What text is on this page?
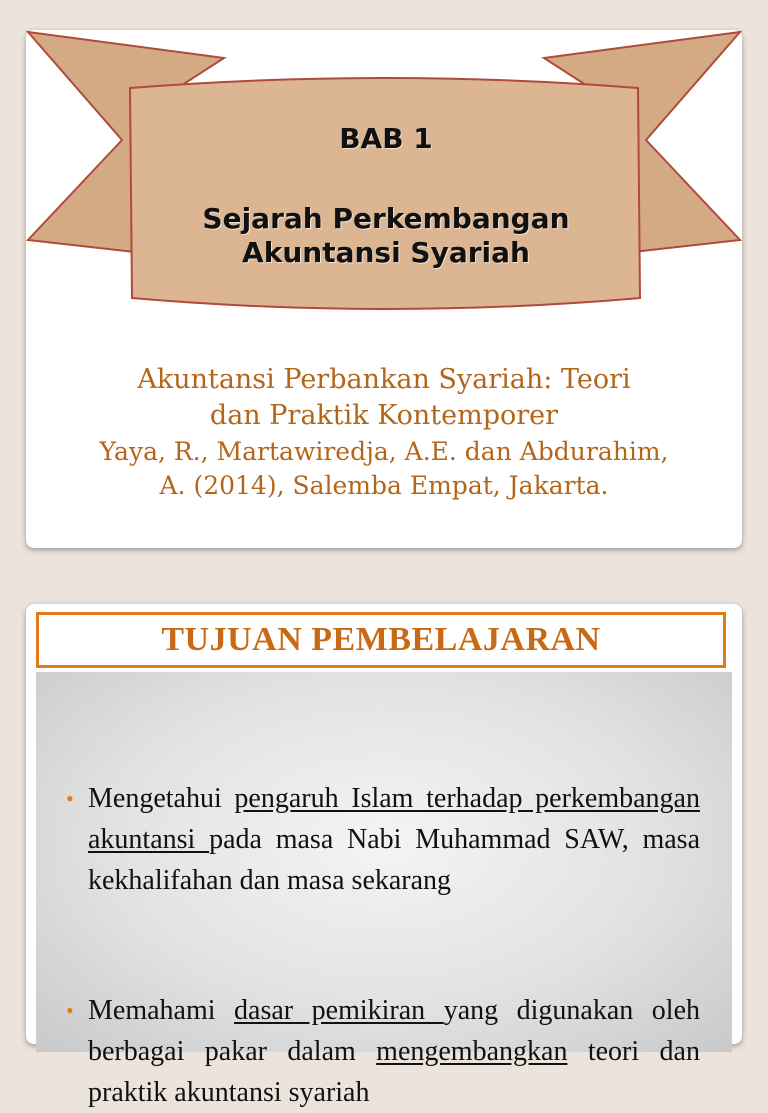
BAB 1
Sejarah Perkembangan
Akuntansi Syariah
Akuntansi Perbankan Syariah: Teori
dan Praktik Kontemporer
Yaya, R., Martawiredja, A.E. dan Abdurahim,
A. (2014), Salemba Empat, Jakarta.
TUJUAN PEMBELAJARAN
• Mengetahui pengaruh Islam terhadap perkembangan akuntansi pada masa Nabi Muhammad SAW, masa kekhalifahan dan masa sekarang
• Memahami dasar pemikiran yang digunakan oleh berbagai pakar dalam mengembangkan teori dan praktik akuntansi syariah
